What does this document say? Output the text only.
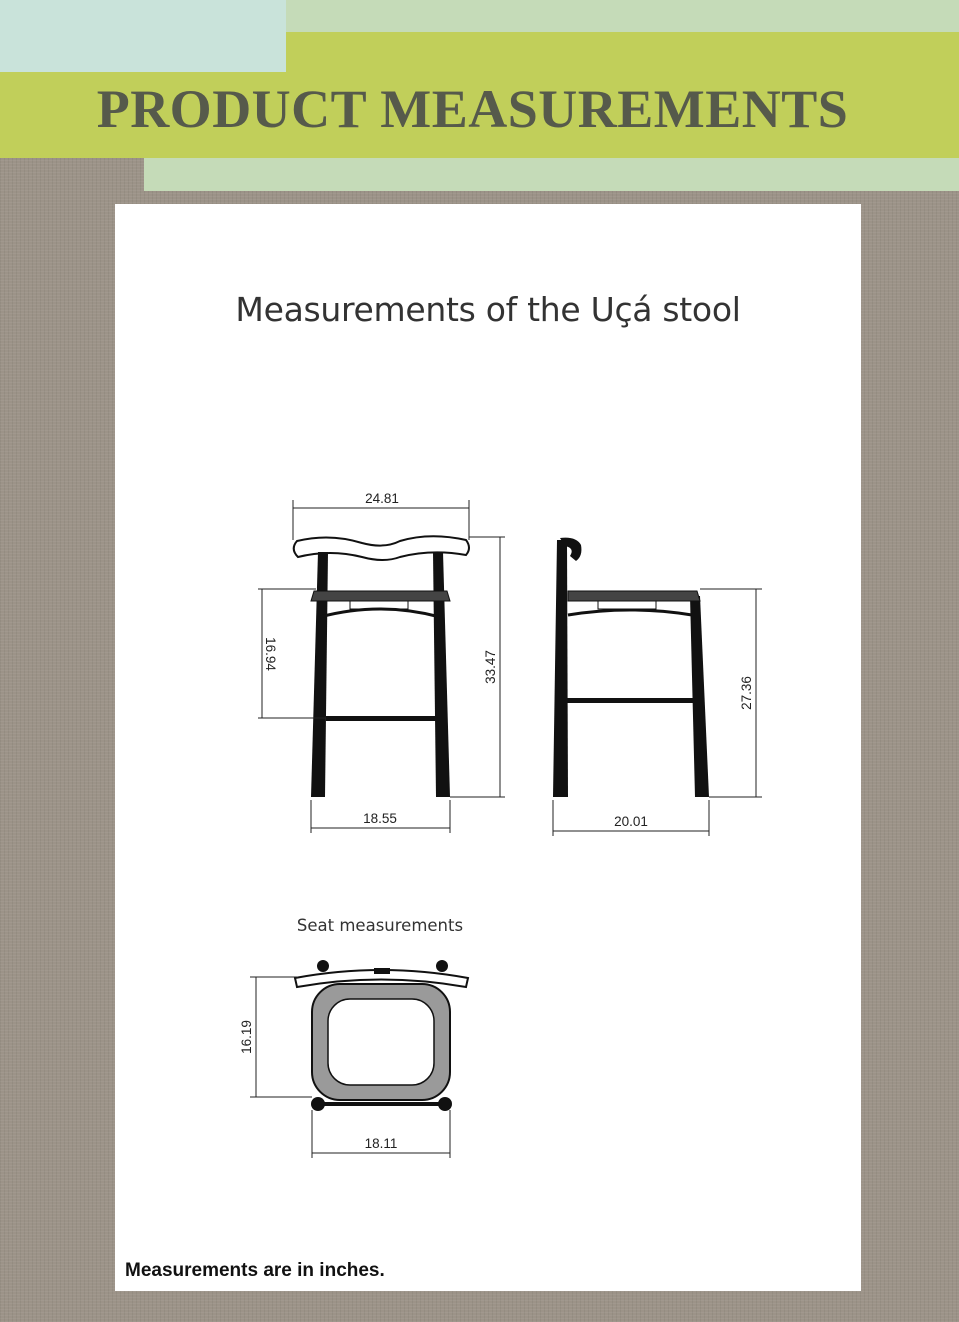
PRODUCT MEASUREMENTS
Measurements of the Uçá stool
Seat measurements
Measurements are in inches.
24.81
16.94	33.47
18.55
27.36
20.01
16.19
18.11
